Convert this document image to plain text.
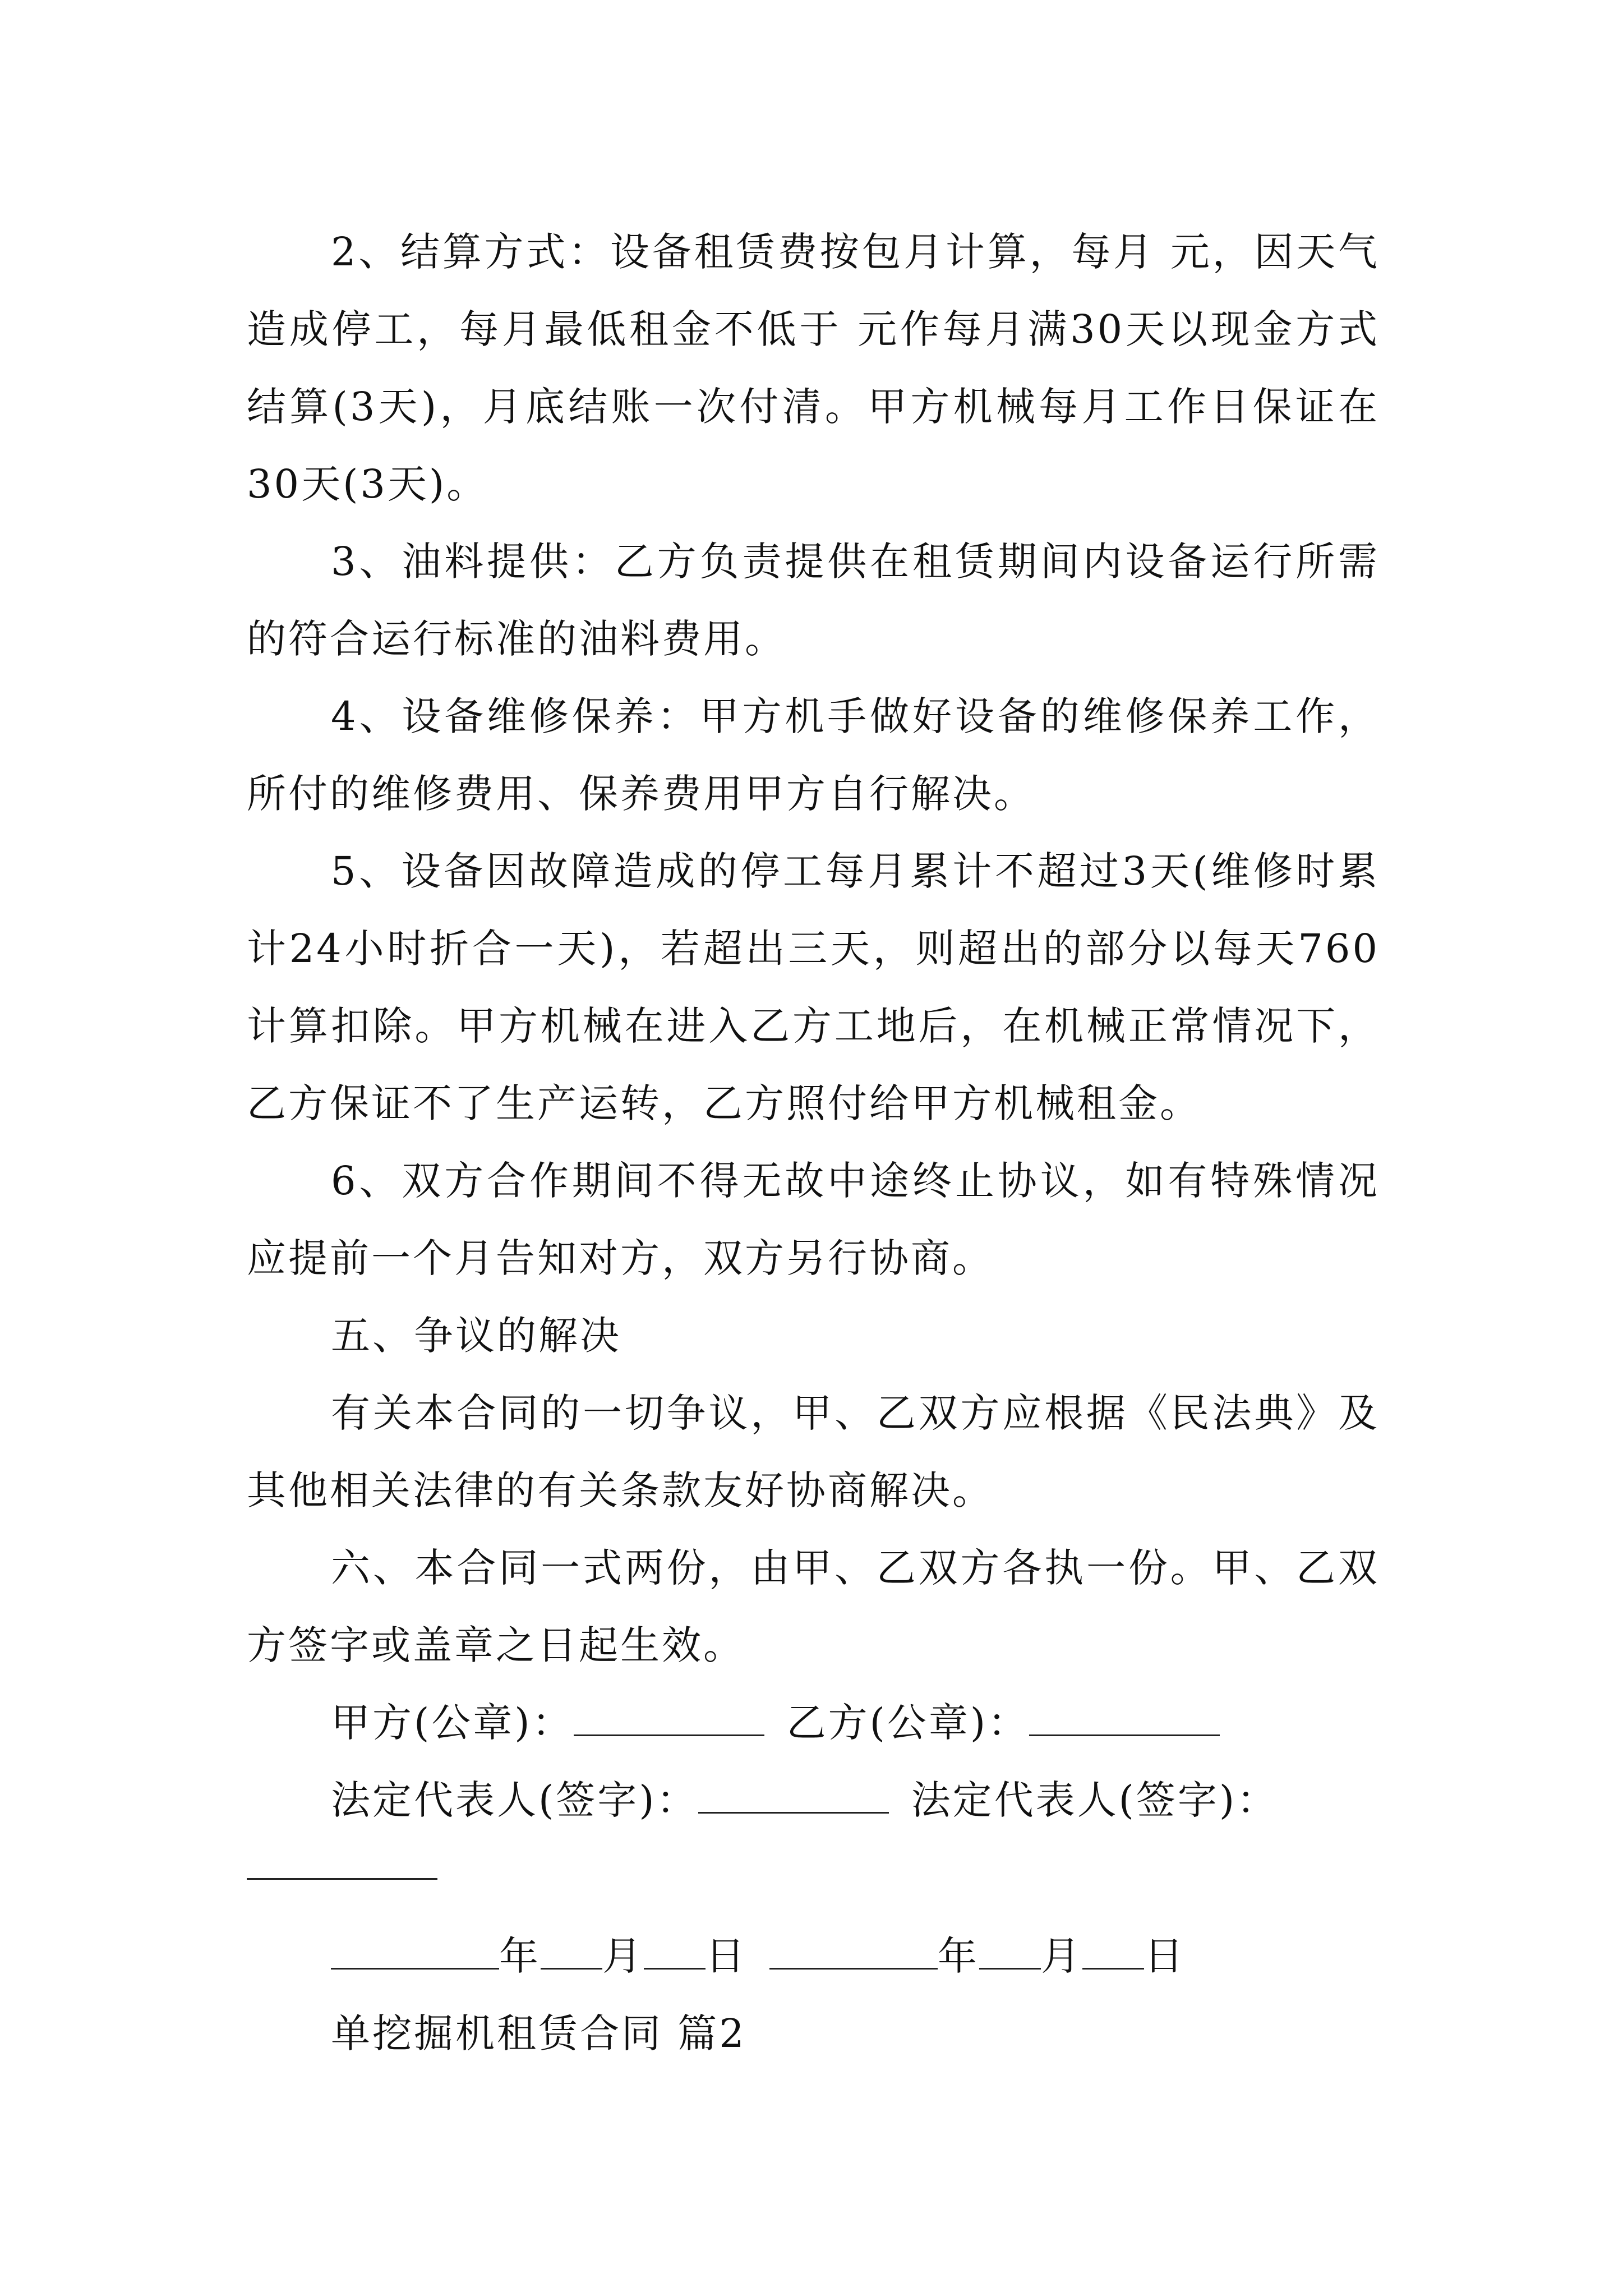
2、结算方式：设备租赁费按包月计算，每月 元，因天气造成停工，每月最低租金不低于 元作每月满30天以现金方式结算(3天)，月底结账一次付清。甲方机械每月工作日保证在30天(3天)。

3、油料提供：乙方负责提供在租赁期间内设备运行所需的符合运行标准的油料费用。

4、设备维修保养：甲方机手做好设备的维修保养工作，所付的维修费用、保养费用甲方自行解决。

5、设备因故障造成的停工每月累计不超过3天(维修时累计24小时折合一天)，若超出三天，则超出的部分以每天760计算扣除。甲方机械在进入乙方工地后，在机械正常情况下，乙方保证不了生产运转，乙方照付给甲方机械租金。

6、双方合作期间不得无故中途终止协议，如有特殊情况应提前一个月告知对方，双方另行协商。

五、争议的解决

有关本合同的一切争议，甲、乙双方应根据《民法典》及其他相关法律的有关条款友好协商解决。

六、本合同一式两份，由甲、乙双方各执一份。甲、乙双方签字或盖章之日起生效。

甲方(公章)：	乙方(公章)：
法定代表人(签字)：	法定代表人(签字)：
年 月 日	年 月 日

单挖掘机租赁合同 篇2
